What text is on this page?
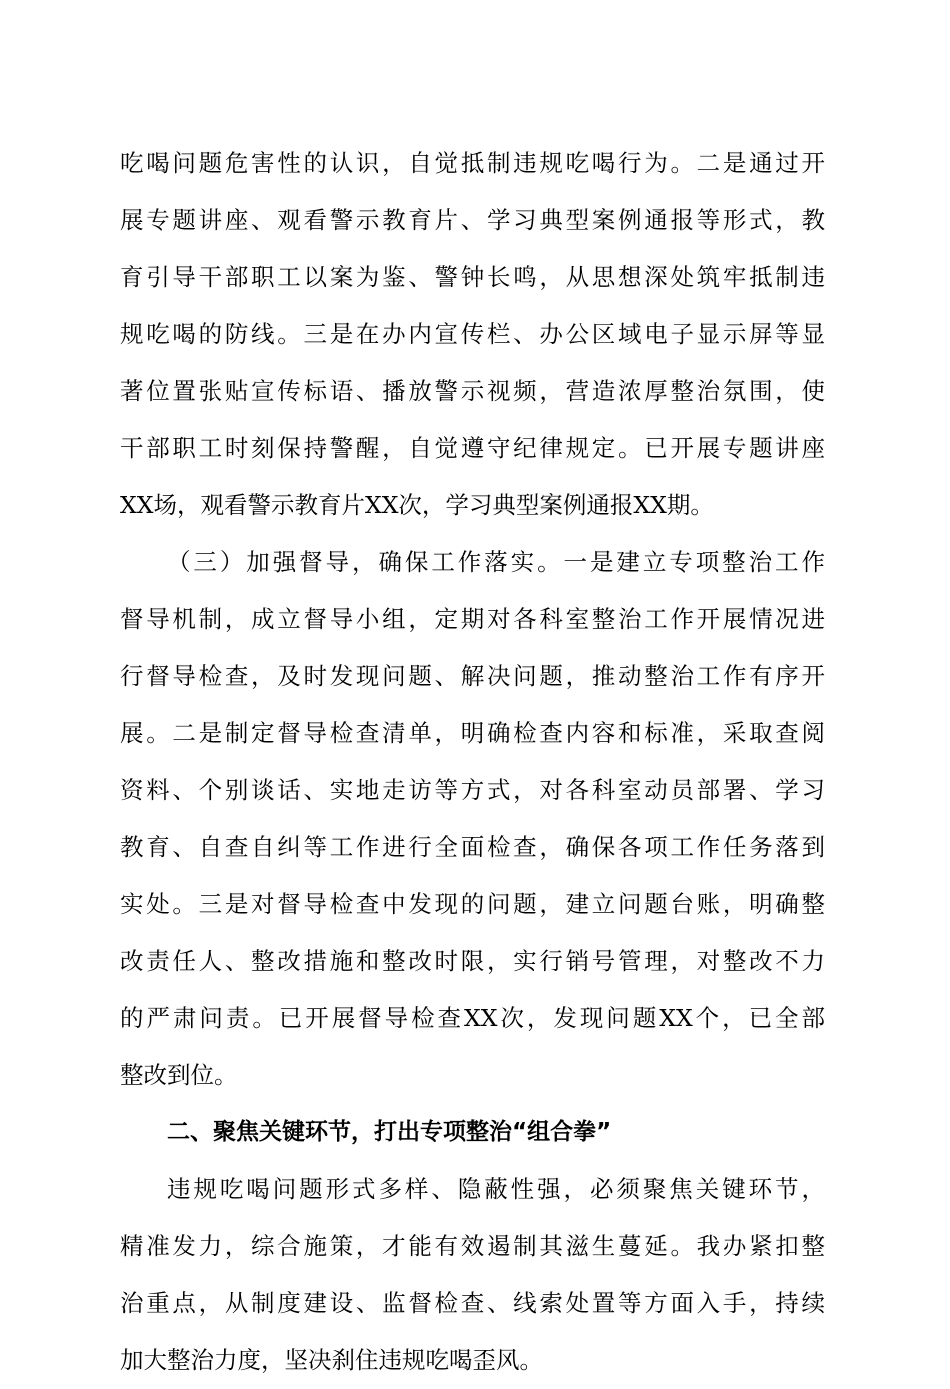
吃喝问题危害性的认识，自觉抵制违规吃喝行为。二是通过开
展专题讲座、观看警示教育片、学习典型案例通报等形式，教
育引导干部职工以案为鉴、警钟长鸣，从思想深处筑牢抵制违
规吃喝的防线。三是在办内宣传栏、办公区域电子显示屏等显
著位置张贴宣传标语、播放警示视频，营造浓厚整治氛围，使
干部职工时刻保持警醒，自觉遵守纪律规定。已开展专题讲座
XX场，观看警示教育片XX次，学习典型案例通报XX期。
（三）加强督导，确保工作落实。一是建立专项整治工作
督导机制，成立督导小组，定期对各科室整治工作开展情况进
行督导检查，及时发现问题、解决问题，推动整治工作有序开
展。二是制定督导检查清单，明确检查内容和标准，采取查阅
资料、个别谈话、实地走访等方式，对各科室动员部署、学习
教育、自查自纠等工作进行全面检查，确保各项工作任务落到
实处。三是对督导检查中发现的问题，建立问题台账，明确整
改责任人、整改措施和整改时限，实行销号管理，对整改不力
的严肃问责。已开展督导检查XX次，发现问题XX个，已全部
整改到位。
二、聚焦关键环节，打出专项整治“组合拳”
违规吃喝问题形式多样、隐蔽性强，必须聚焦关键环节，
精准发力，综合施策，才能有效遏制其滋生蔓延。我办紧扣整
治重点，从制度建设、监督检查、线索处置等方面入手，持续
加大整治力度，坚决刹住违规吃喝歪风。
